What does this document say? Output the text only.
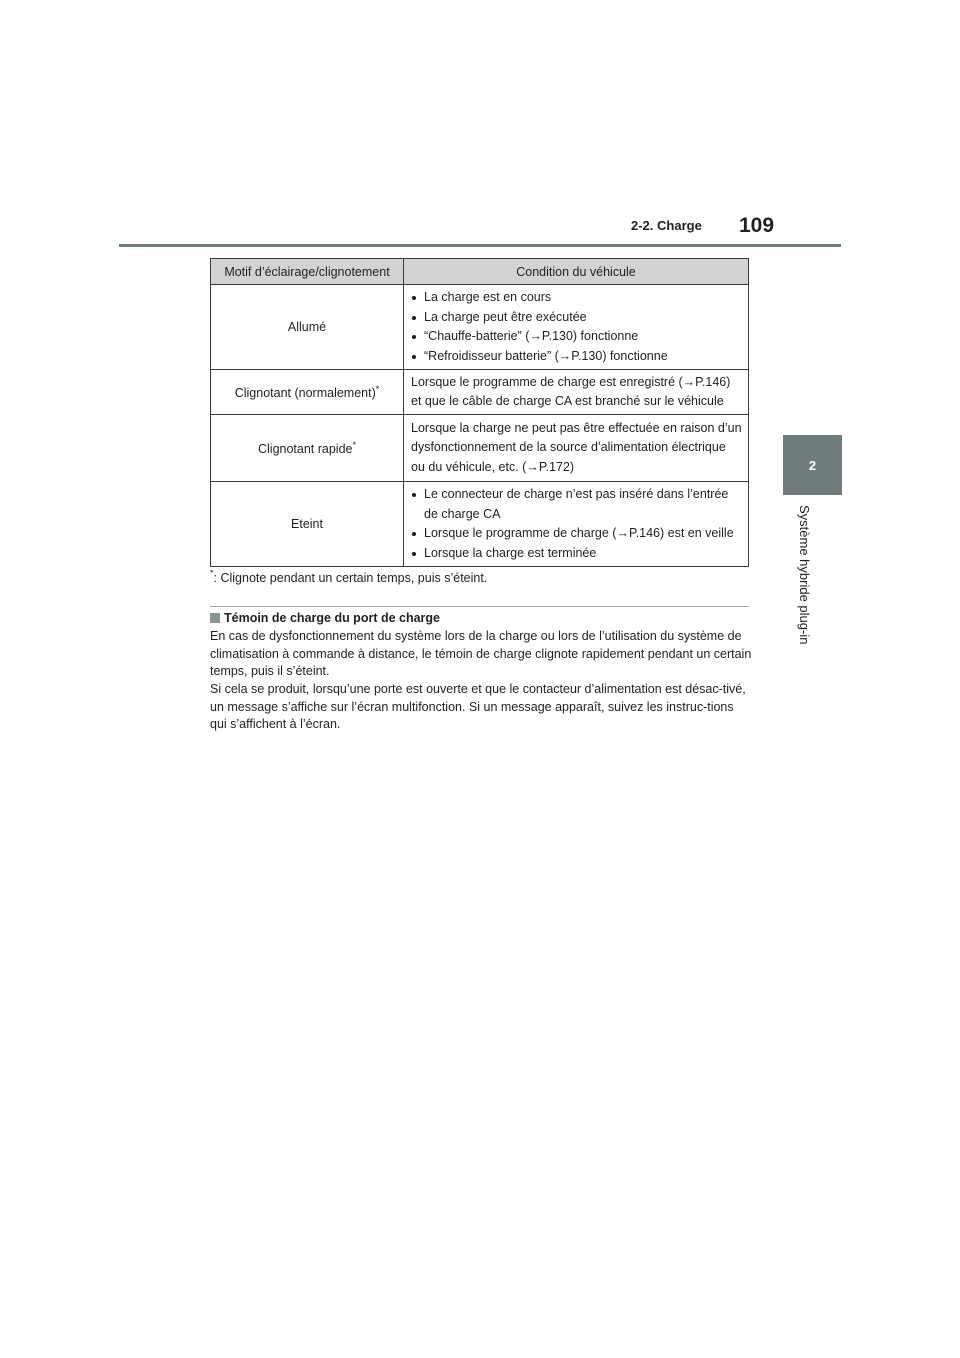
2-2. Charge 109
2
Système hybride plug-in
Motif d’éclairage/clignotement	Condition du véhicule
Allumé	La charge est en cours
La charge peut être exécutée
“Chauffe-batterie” (→P.130) fonctionne
“Refroidisseur batterie” (→P.130) fonctionne

Clignotant (normalement)*	Lorsque le programme de charge est enregistré (→P.146) et que le câble de charge CA est branché sur le véhicule
Clignotant rapide*	Lorsque la charge ne peut pas être effectuée en raison d’un dysfonctionnement de la source d’alimentation électrique ou du véhicule, etc. (→P.172)
Eteint	Le connecteur de charge n’est pas inséré dans l’entrée de charge CA
Lorsque le programme de charge (→P.146) est en veille
Lorsque la charge est terminée
*: Clignote pendant un certain temps, puis s’éteint.
Témoin de charge du port de charge

En cas de dysfonctionnement du système lors de la charge ou lors de l’utilisation du système de climatisation à commande à distance, le témoin de charge clignote rapidement pendant un certain temps, puis il s’éteint.

Si cela se produit, lorsqu’une porte est ouverte et que le contacteur d’alimentation est désac-tivé, un message s’affiche sur l’écran multifonction. Si un message apparaît, suivez les instruc-tions qui s’affichent à l’écran.
